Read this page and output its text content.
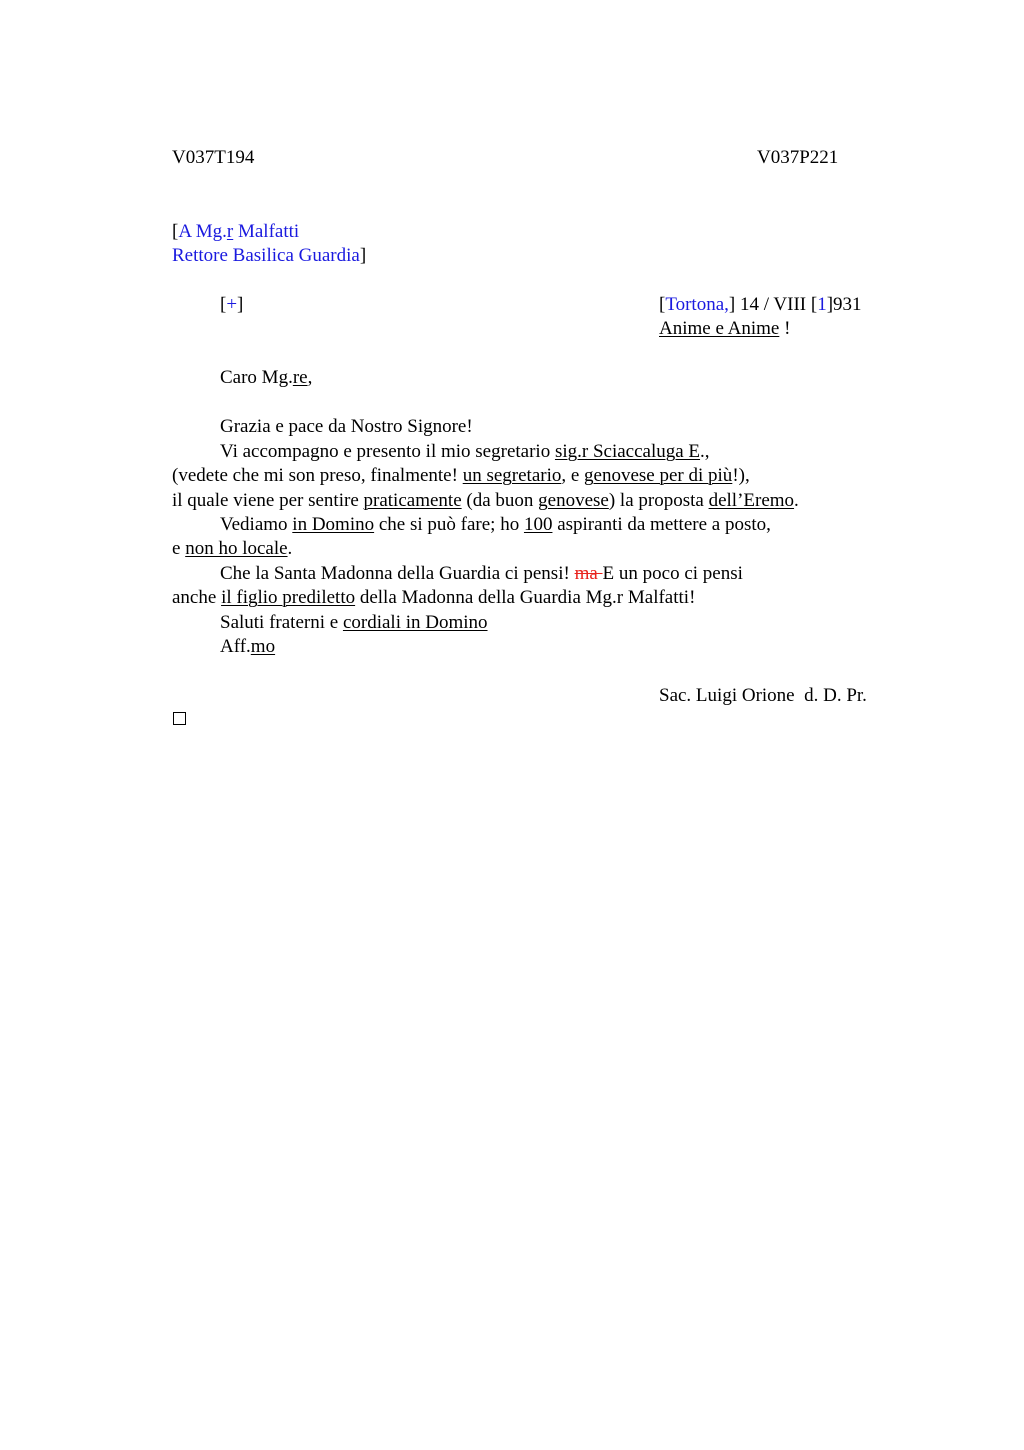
V037T194	V037P221
[A Mg.r Malfatti
Rettore Basilica Guardia]
[+]	[Tortona,] 14 / VIII [1]931
Anime e Anime !
Caro Mg.re,
Grazia e pace da Nostro Signore!
Vi accompagno e presento il mio segretario sig.r Sciaccaluga E.,
(vedete che mi son preso, finalmente! un segretario, e genovese per di più!),
il quale viene per sentire praticamente (da buon genovese) la proposta dell’Eremo.
Vediamo in Domino che si può fare; ho 100 aspiranti da mettere a posto,
e non ho locale.
Che la Santa Madonna della Guardia ci pensi! ma E un poco ci pensi
anche il figlio prediletto della Madonna della Guardia Mg.r Malfatti!
Saluti fraterni e cordiali in Domino
Aff.mo
Sac. Luigi Orione  d. D. Pr.
